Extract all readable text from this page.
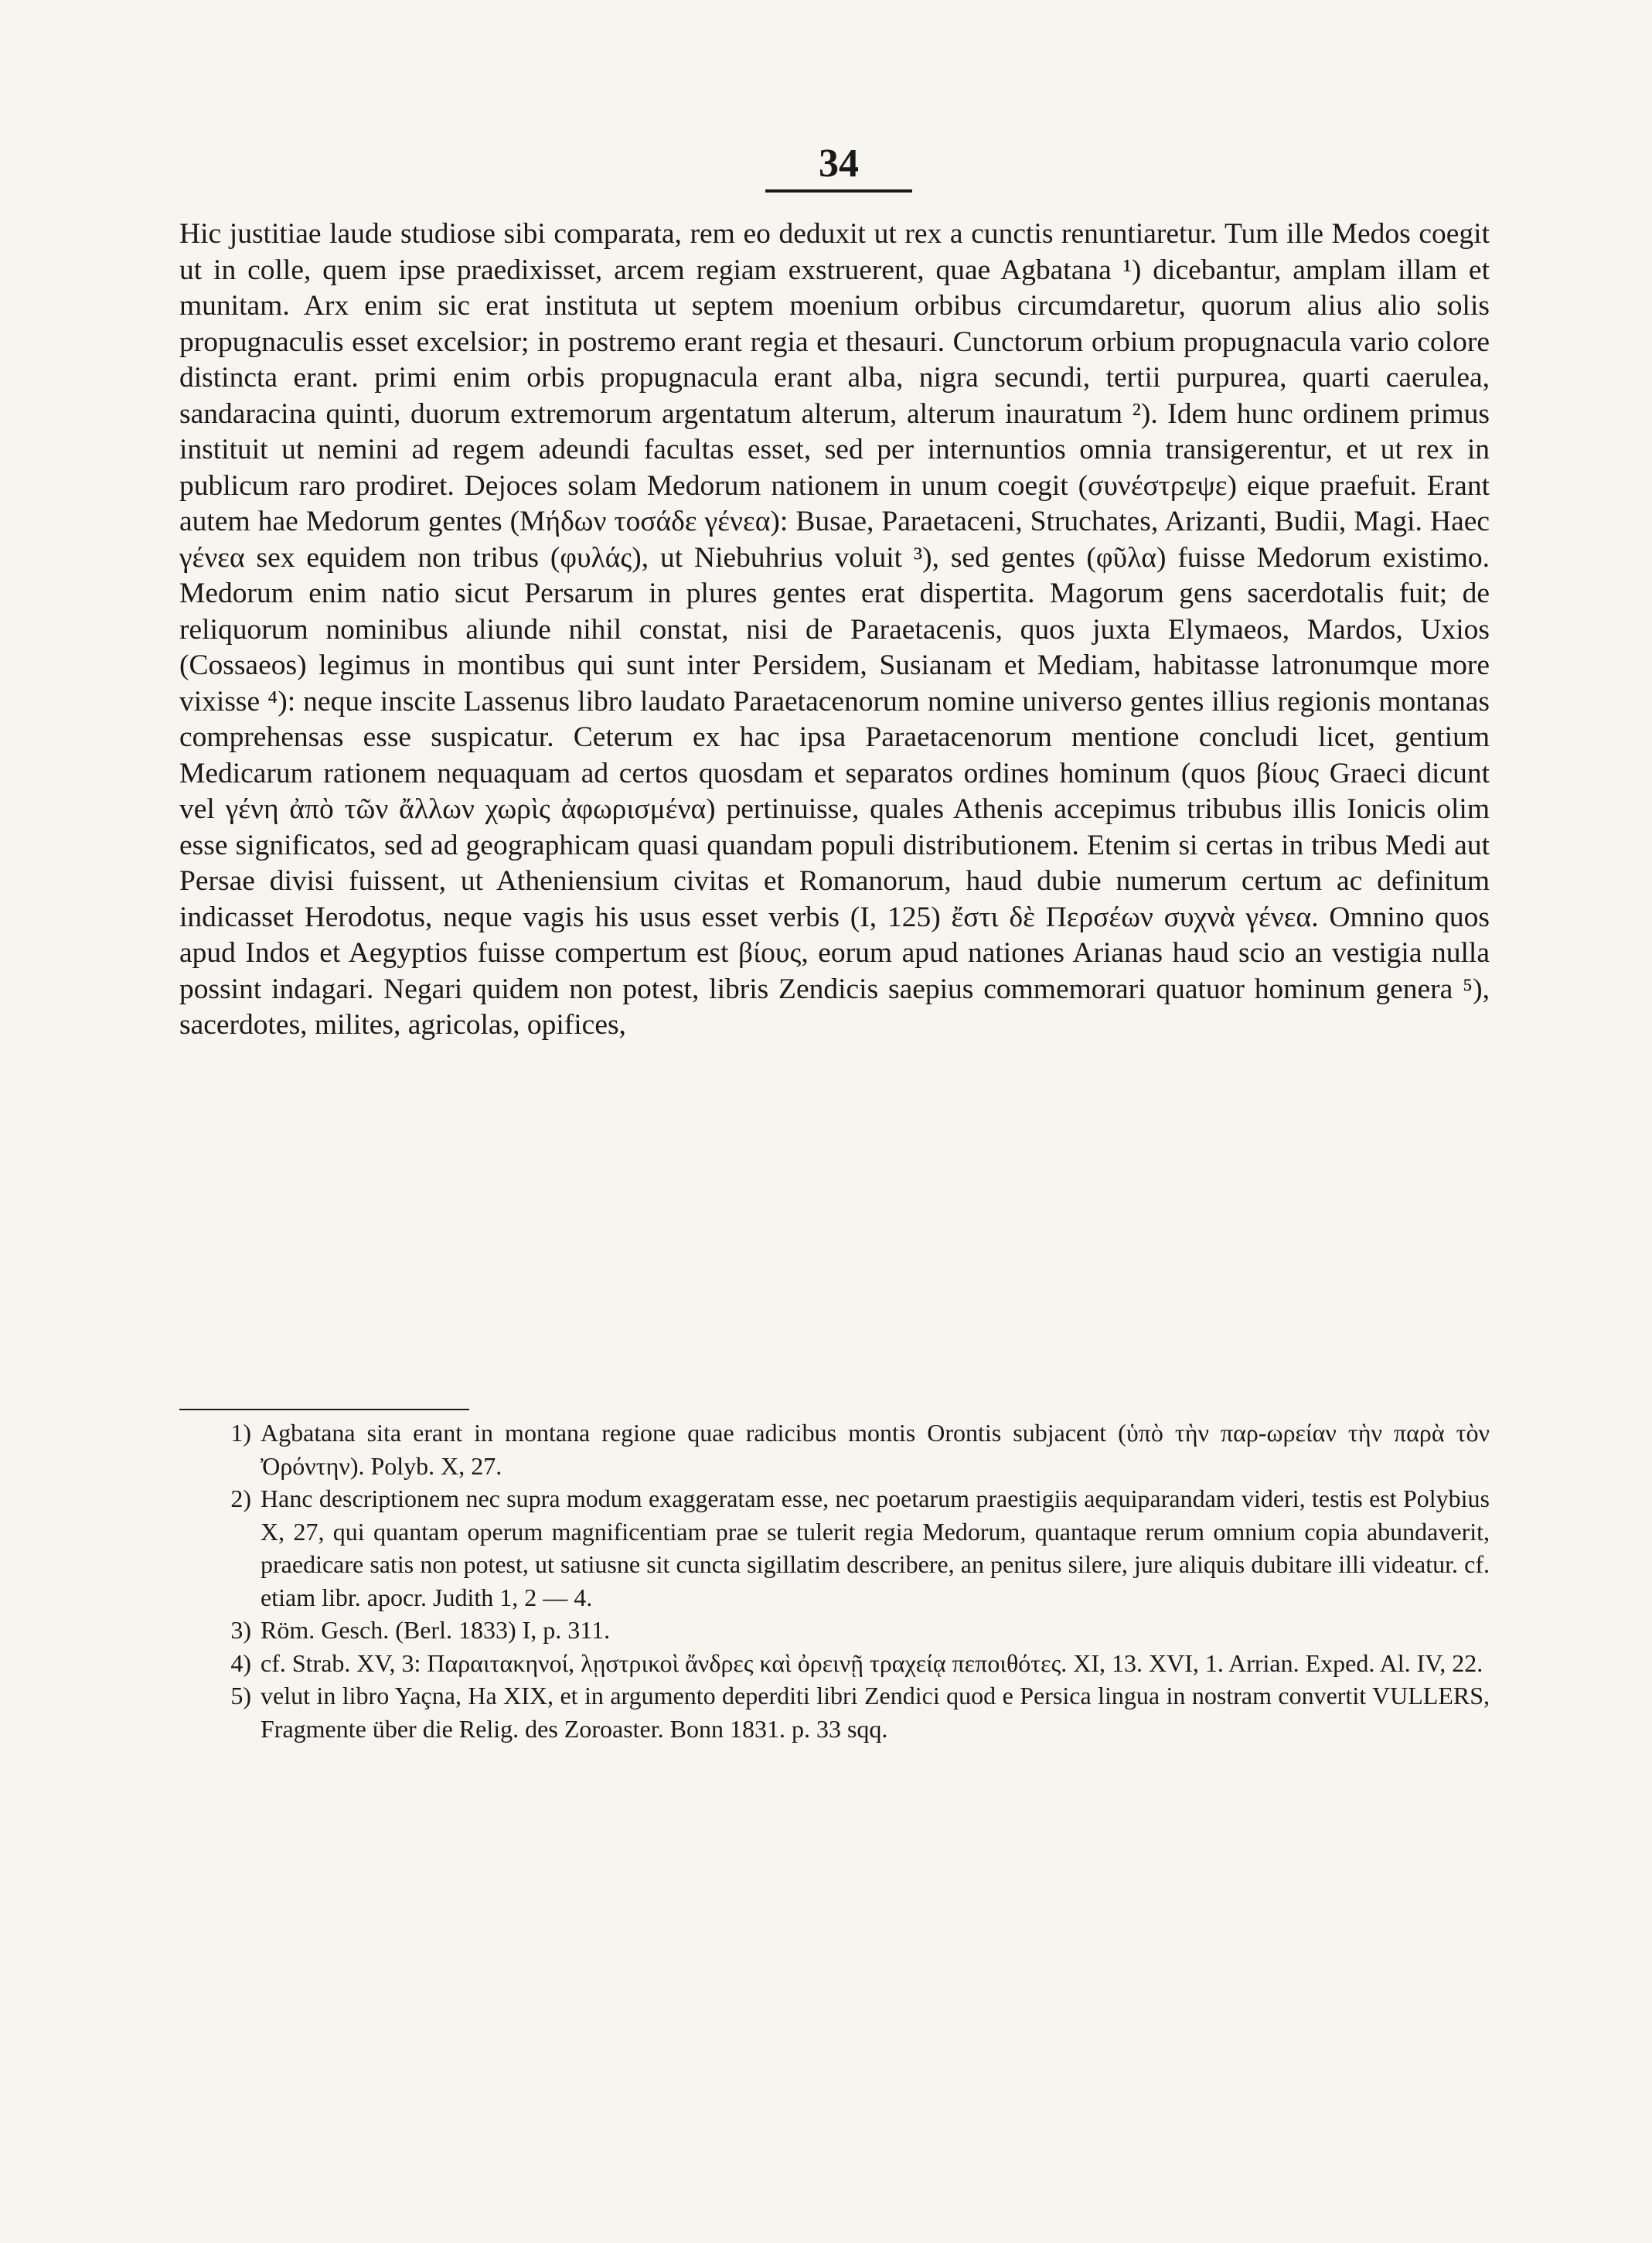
34

Hic justitiae laude studiose sibi comparata, rem eo deduxit ut rex a cunctis renuntiaretur. Tum ille Medos coegit ut in colle, quem ipse praedixisset, arcem regiam exstruerent, quae Agbatana ¹) dicebantur, amplam illam et munitam. Arx enim sic erat instituta ut septem moenium orbibus circumdaretur, quorum alius alio solis propugnaculis esset excelsior; in postremo erant regia et thesauri. Cunctorum orbium propugnacula vario colore distincta erant. primi enim orbis propugnacula erant alba, nigra secundi, tertii purpurea, quarti caerulea, sandaracina quinti, duorum extremorum argentatum alterum, alterum inauratum ²). Idem hunc ordinem primus instituit ut nemini ad regem adeundi facultas esset, sed per internuntios omnia transigerentur, et ut rex in publicum raro prodiret. Dejoces solam Medorum nationem in unum coegit (συνέστρεψε) eique praefuit. Erant autem hae Medorum gentes (Μήδων τοσάδε γένεα): Busae, Paraetaceni, Struchates, Arizanti, Budii, Magi. Haec γένεα sex equidem non tribus (φυλάς), ut Niebuhrius voluit ³), sed gentes (φῦλα) fuisse Medorum existimo. Medorum enim natio sicut Persarum in plures gentes erat dispertita. Magorum gens sacerdotalis fuit; de reliquorum nominibus aliunde nihil constat, nisi de Paraetacenis, quos juxta Elymaeos, Mardos, Uxios (Cossaeos) legimus in montibus qui sunt inter Persidem, Susianam et Mediam, habitasse latronumque more vixisse ⁴): neque inscite Lassenus libro laudato Paraetacenorum nomine universo gentes illius regionis montanas comprehensas esse suspicatur. Ceterum ex hac ipsa Paraetacenorum mentione concludi licet, gentium Medicarum rationem nequaquam ad certos quosdam et separatos ordines hominum (quos βίους Graeci dicunt vel γένη ἀπὸ τῶν ἄλλων χωρὶς ἀφωρισμένα) pertinuisse, quales Athenis accepimus tribubus illis Ionicis olim esse significatos, sed ad geographicam quasi quandam populi distributionem. Etenim si certas in tribus Medi aut Persae divisi fuissent, ut Atheniensium civitas et Romanorum, haud dubie numerum certum ac definitum indicasset Herodotus, neque vagis his usus esset verbis (I, 125) ἔστι δὲ Περσέων συχνὰ γένεα. Omnino quos apud Indos et Aegyptios fuisse compertum est βίους, eorum apud nationes Arianas haud scio an vestigia nulla possint indagari. Negari quidem non potest, libris Zendicis saepius commemorari quatuor hominum genera ⁵), sacerdotes, milites, agricolas, opifices,

1) Agbatana sita erant in montana regione quae radicibus montis Orontis subjacent (ὑπὸ τὴν παρ-ωρείαν τὴν παρὰ τὸν Ὀρόντην). Polyb. X, 27.
2) Hanc descriptionem nec supra modum exaggeratam esse, nec poetarum praestigiis aequiparandam videri, testis est Polybius X, 27, qui quantam operum magnificentiam prae se tulerit regia Medorum, quantaque rerum omnium copia abundaverit, praedicare satis non potest, ut satiusne sit cuncta sigillatim describere, an penitus silere, jure aliquis dubitare illi videatur. cf. etiam libr. apocr. Judith 1, 2 — 4.
3) Röm. Gesch. (Berl. 1833) I, p. 311.
4) cf. Strab. XV, 3: Παραιτακηνοί, λῃστρικοὶ ἄνδρες καὶ ὀρεινῇ τραχείᾳ πεποιθότες. XI, 13. XVI, 1. Arrian. Exped. Al. IV, 22.
5) velut in libro Yaçna, Ha XIX, et in argumento deperditi libri Zendici quod e Persica lingua in nostram convertit VULLERS, Fragmente über die Relig. des Zoroaster. Bonn 1831. p. 33 sqq.
